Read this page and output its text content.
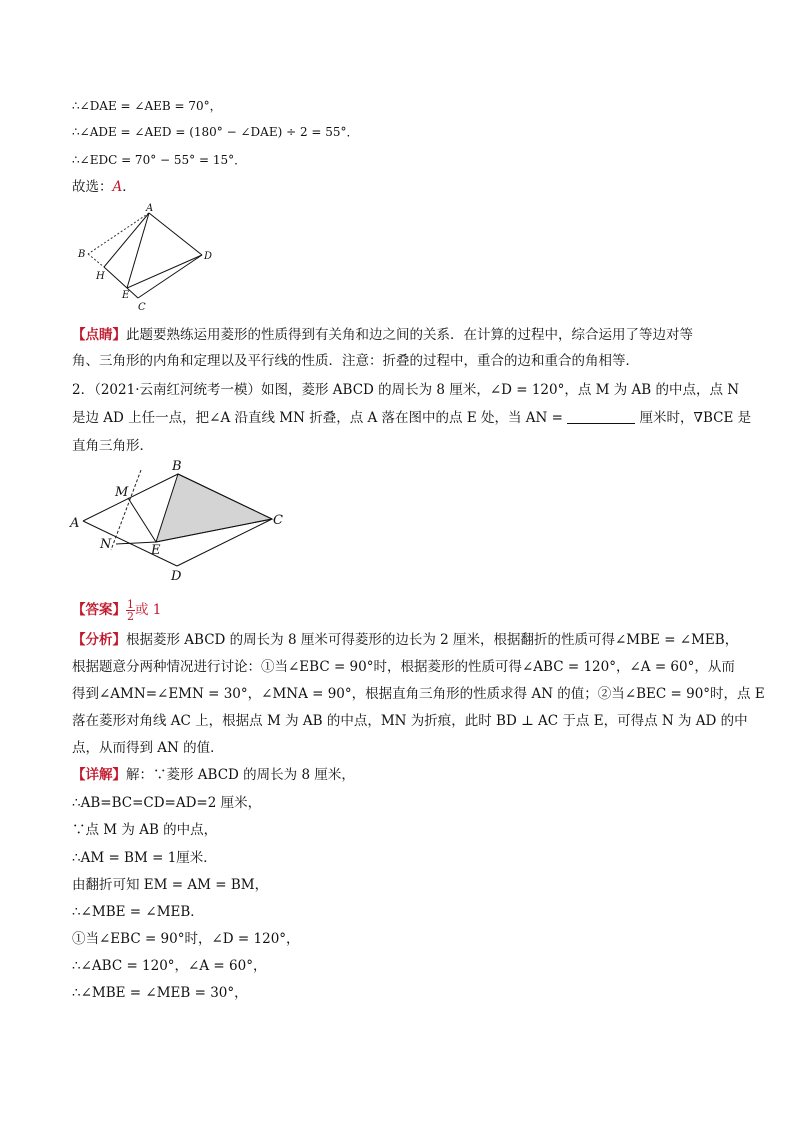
∴∠DAE = ∠AEB = 70°，
∴∠ADE = ∠AED = (180° − ∠DAE) ÷ 2 = 55°．
∴∠EDC = 70° − 55° = 15°．
故选：A．
A
B
H
E
C
D
【点睛】此题要熟练运用菱形的性质得到有关角和边之间的关系．在计算的过程中，综合运用了等边对等
角、三角形的内角和定理以及平行线的性质．注意：折叠的过程中，重合的边和重合的角相等．
2．（2021·云南红河统考一模）如图，菱形 ABCD 的周长为 8 厘米，∠D = 120°，点 M 为 AB 的中点，点 N
是边 AD 上任一点，把∠A 沿直线 MN 折叠，点 A 落在图中的点 E 处，当 AN =	厘米时，∇BCE 是
直角三角形．
B
M
A	C
N	E
D
【答案】 $\frac{1}{2}$ 或 1
【分析】根据菱形 ABCD 的周长为 8 厘米可得菱形的边长为 2 厘米，根据翻折的性质可得∠MBE = ∠MEB，
根据题意分两种情况进行讨论：①当∠EBC = 90°时，根据菱形的性质可得∠ABC = 120°，∠A = 60°，从而
得到∠AMN=∠EMN = 30°，∠MNA = 90°，根据直角三角形的性质求得 AN 的值；②当∠BEC = 90°时，点 E
落在菱形对角线 AC 上，根据点 M 为 AB 的中点，MN 为折痕，此时 BD ⊥ AC 于点 E，可得点 N 为 AD 的中
点，从而得到 AN 的值．
【详解】解：∵菱形 ABCD 的周长为 8 厘米，
∴AB=BC=CD=AD=2 厘米，
∵点 M 为 AB 的中点，
∴AM = BM = 1厘米．
由翻折可知 EM = AM = BM，
∴∠MBE = ∠MEB．
①当∠EBC = 90°时，∠D = 120°，
∴∠ABC = 120°，∠A = 60°，
∴∠MBE = ∠MEB = 30°，
